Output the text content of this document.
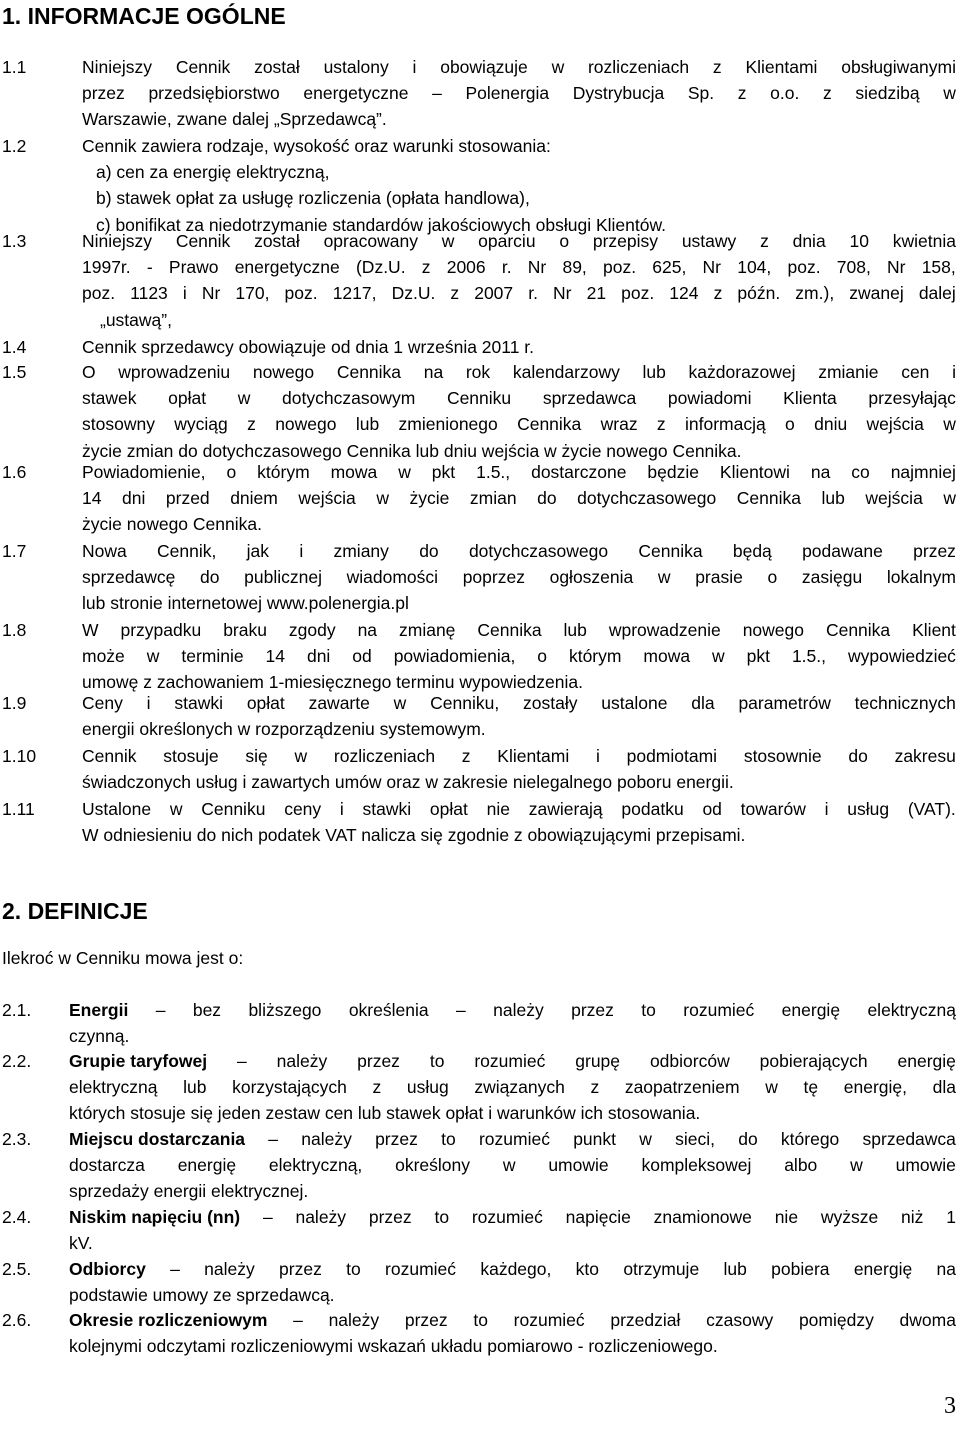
1. INFORMACJE OGÓLNE
1.1	Niniejszy Cennik został ustalony i obowiązuje w rozliczeniach z Klientami obsługiwanymi
przez przedsiębiorstwo energetyczne – Polenergia Dystrybucja Sp. z o.o. z siedzibą w
Warszawie, zwane dalej „Sprzedawcą”.
1.2	Cennik zawiera rodzaje, wysokość oraz warunki stosowania:
a) cen za energię elektryczną,
b) stawek opłat za usługę rozliczenia (opłata handlowa),
c) bonifikat za niedotrzymanie standardów jakościowych obsługi Klientów.
1.3	Niniejszy Cennik został opracowany w oparciu o przepisy ustawy z dnia 10 kwietnia
1997r. - Prawo energetyczne (Dz.U. z 2006 r. Nr 89, poz. 625, Nr 104, poz. 708, Nr 158,
poz. 1123 i Nr 170, poz. 1217, Dz.U. z 2007 r. Nr 21 poz. 124 z późn. zm.), zwanej dalej
„ustawą”,
1.4	Cennik sprzedawcy obowiązuje od dnia 1 września 2011 r.
1.5	O wprowadzeniu nowego Cennika na rok kalendarzowy lub każdorazowej zmianie cen i
stawek opłat w dotychczasowym Cenniku sprzedawca powiadomi Klienta przesyłając
stosowny wyciąg z nowego lub zmienionego Cennika wraz z informacją o dniu wejścia w
życie zmian do dotychczasowego Cennika lub dniu wejścia w życie nowego Cennika.
1.6	Powiadomienie, o którym mowa w pkt 1.5., dostarczone będzie Klientowi na co najmniej
14 dni przed dniem wejścia w życie zmian do dotychczasowego Cennika lub wejścia w
życie nowego Cennika.
1.7	Nowa Cennik, jak i zmiany do dotychczasowego Cennika będą podawane przez
sprzedawcę do publicznej wiadomości poprzez ogłoszenia w prasie o zasięgu lokalnym
lub stronie internetowej www.polenergia.pl
1.8	W przypadku braku zgody na zmianę Cennika lub wprowadzenie nowego Cennika Klient
może w terminie 14 dni od powiadomienia, o którym mowa w pkt 1.5., wypowiedzieć
umowę z zachowaniem 1-miesięcznego terminu wypowiedzenia.
1.9	Ceny i stawki opłat zawarte w Cenniku, zostały ustalone dla parametrów technicznych
energii określonych w rozporządzeniu systemowym.
1.10	Cennik stosuje się w rozliczeniach z Klientami i podmiotami stosownie do zakresu
świadczonych usług i zawartych umów oraz w zakresie nielegalnego poboru energii.
1.11	Ustalone w Cenniku ceny i stawki opłat nie zawierają podatku od towarów i usług (VAT).
W odniesieniu do nich podatek VAT nalicza się zgodnie z obowiązującymi przepisami.
2. DEFINICJE
Ilekroć w Cenniku mowa jest o:
2.1. Energii – bez bliższego określenia – należy przez to rozumieć energię elektryczną
czynną.
2.2. Grupie taryfowej – należy przez to rozumieć grupę odbiorców pobierających energię
elektryczną lub korzystających z usług związanych z zaopatrzeniem w tę energię, dla
których stosuje się jeden zestaw cen lub stawek opłat i warunków ich stosowania.
2.3. Miejscu dostarczania – należy przez to rozumieć punkt w sieci, do którego sprzedawca
dostarcza energię elektryczną, określony w umowie kompleksowej albo w umowie
sprzedaży energii elektrycznej.
2.4. Niskim napięciu (nn) – należy przez to rozumieć napięcie znamionowe nie wyższe niż 1
kV.
2.5. Odbiorcy – należy przez to rozumieć każdego, kto otrzymuje lub pobiera energię na
podstawie umowy ze sprzedawcą.
2.6. Okresie rozliczeniowym – należy przez to rozumieć przedział czasowy pomiędzy dwoma
kolejnymi odczytami rozliczeniowymi wskazań układu pomiarowo - rozliczeniowego.
3
